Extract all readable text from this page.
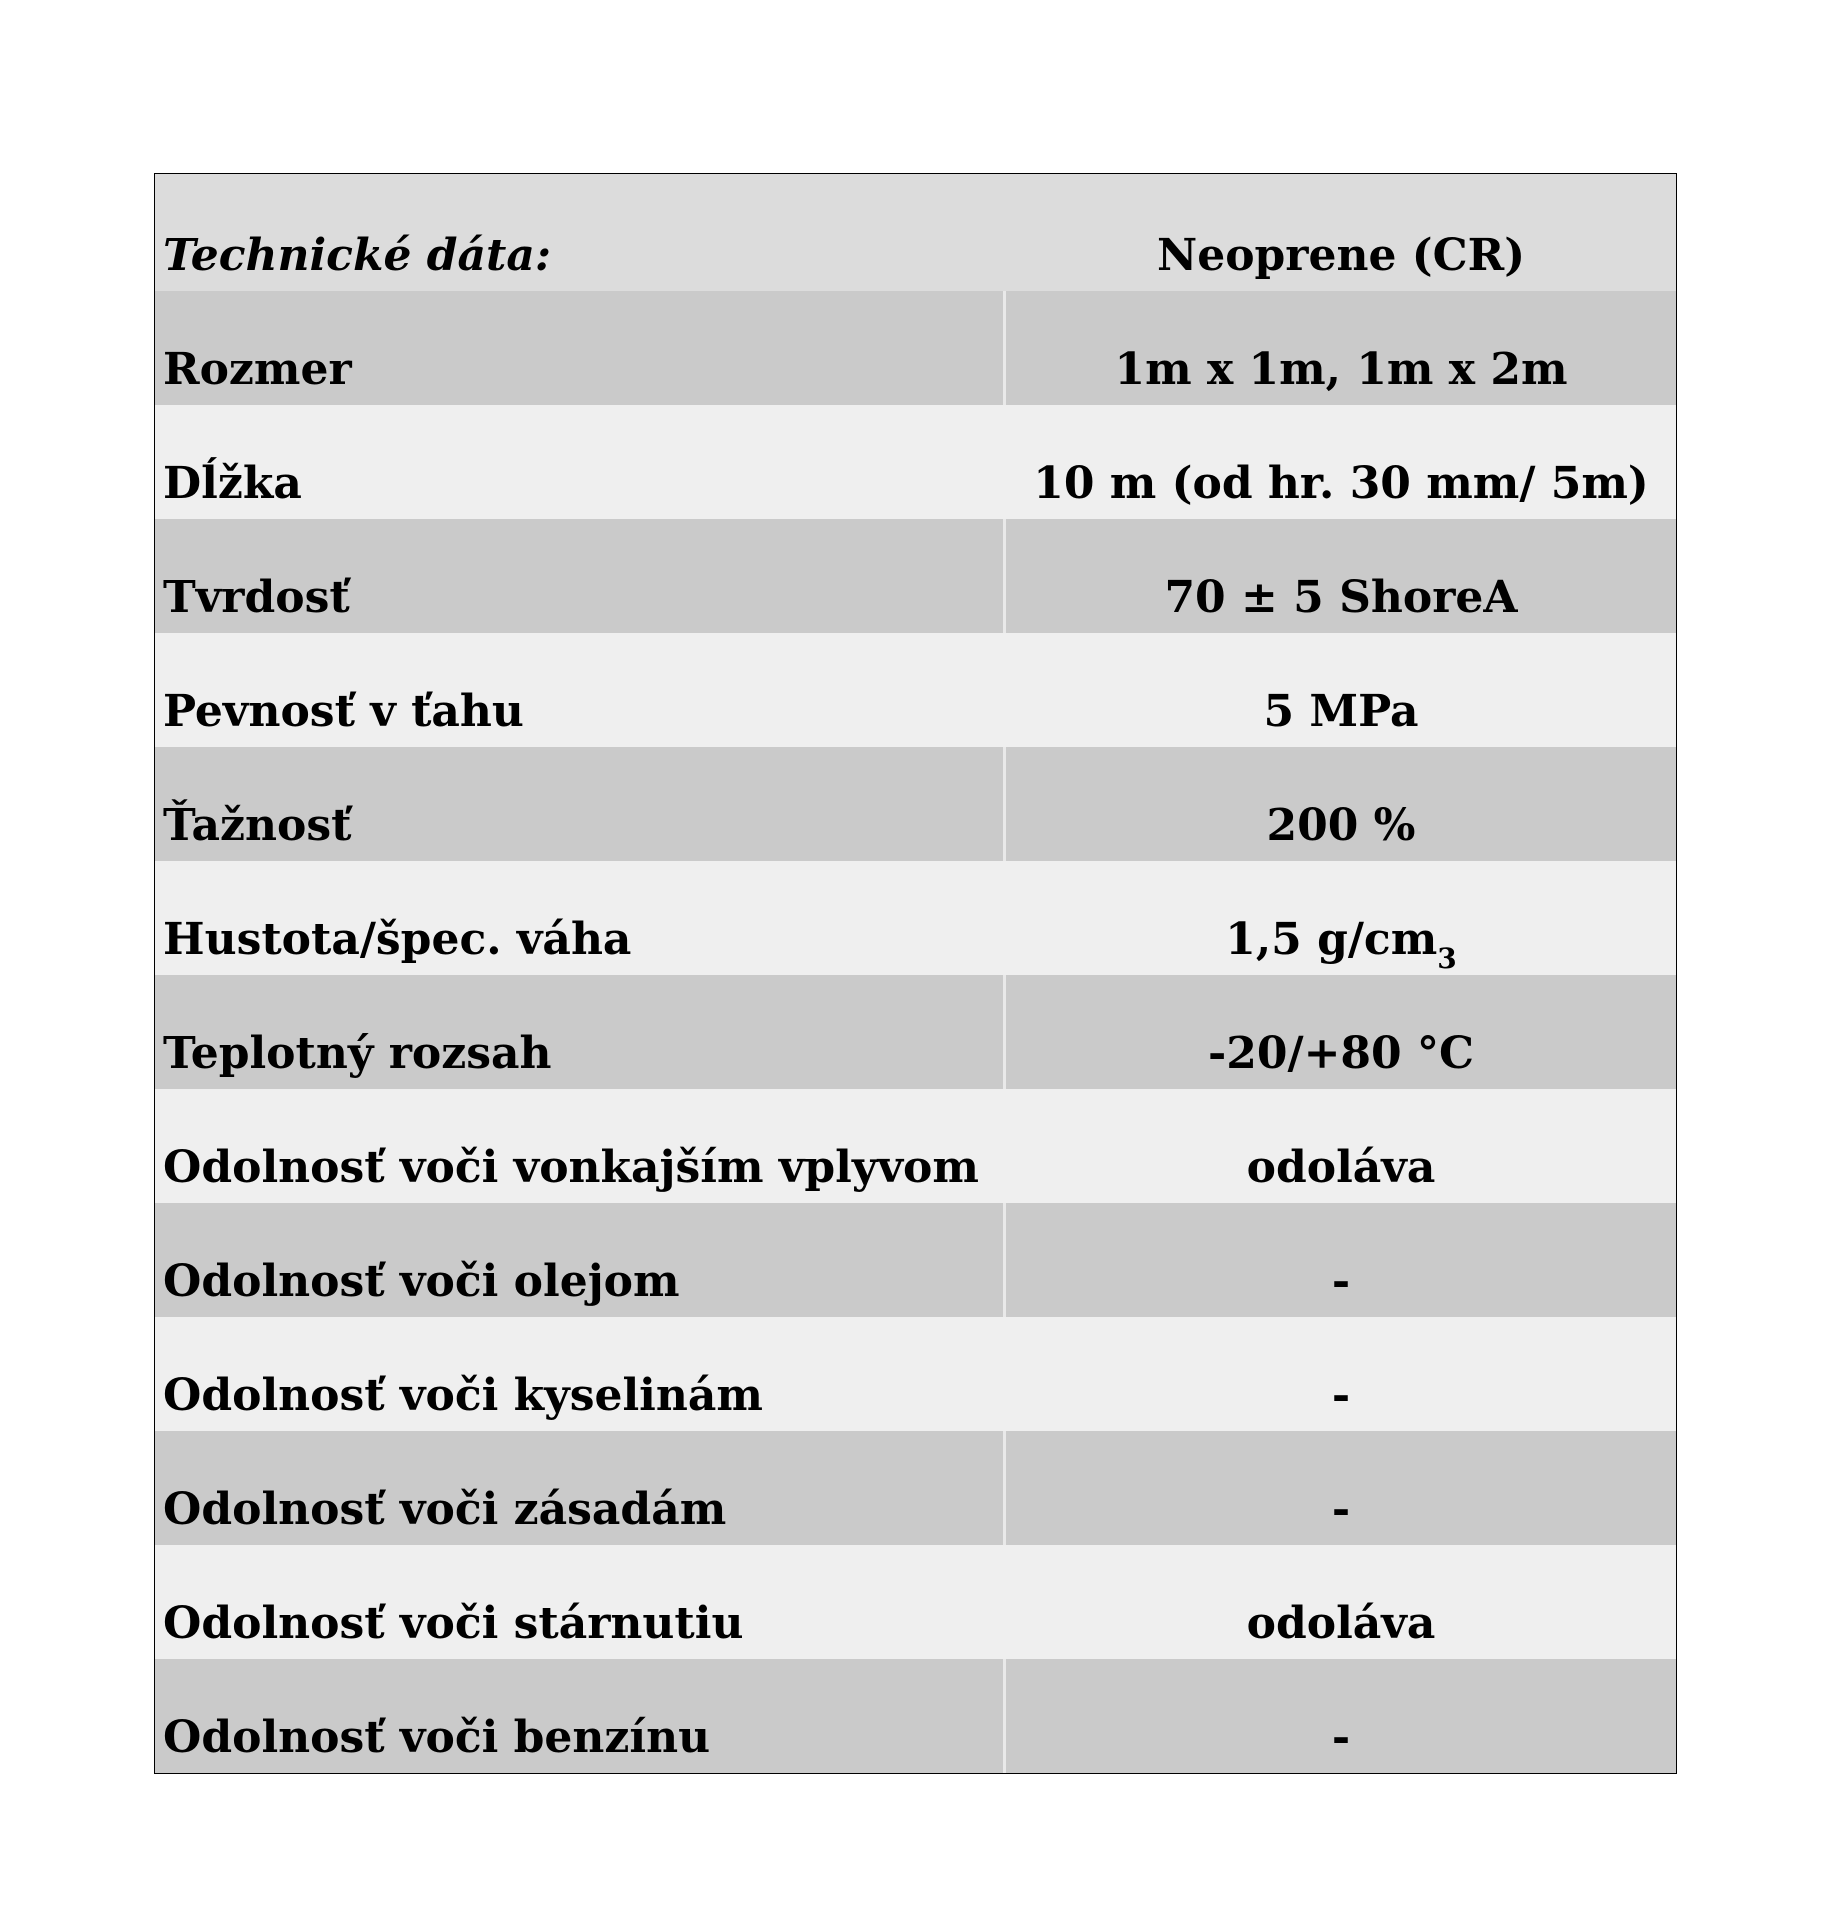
Technické dáta:	Neoprene (CR)
Rozmer	1m x 1m, 1m x 2m
Dĺžka	10 m (od hr. 30 mm/ 5m)
Tvrdosť	70 ± 5 ShoreA
Pevnosť v ťahu	5 MPa
Ťažnosť	200 %
Hustota/špec. váha	1,5 $g/cm^3$
Teplotný rozsah	-20/+80 °C
Odolnosť voči vonkajším vplyvom	odoláva
Odolnosť voči olejom	-
Odolnosť voči kyselinám	-
Odolnosť voči zásadám	-
Odolnosť voči stárnutiu	odoláva
Odolnosť voči benzínu	-
